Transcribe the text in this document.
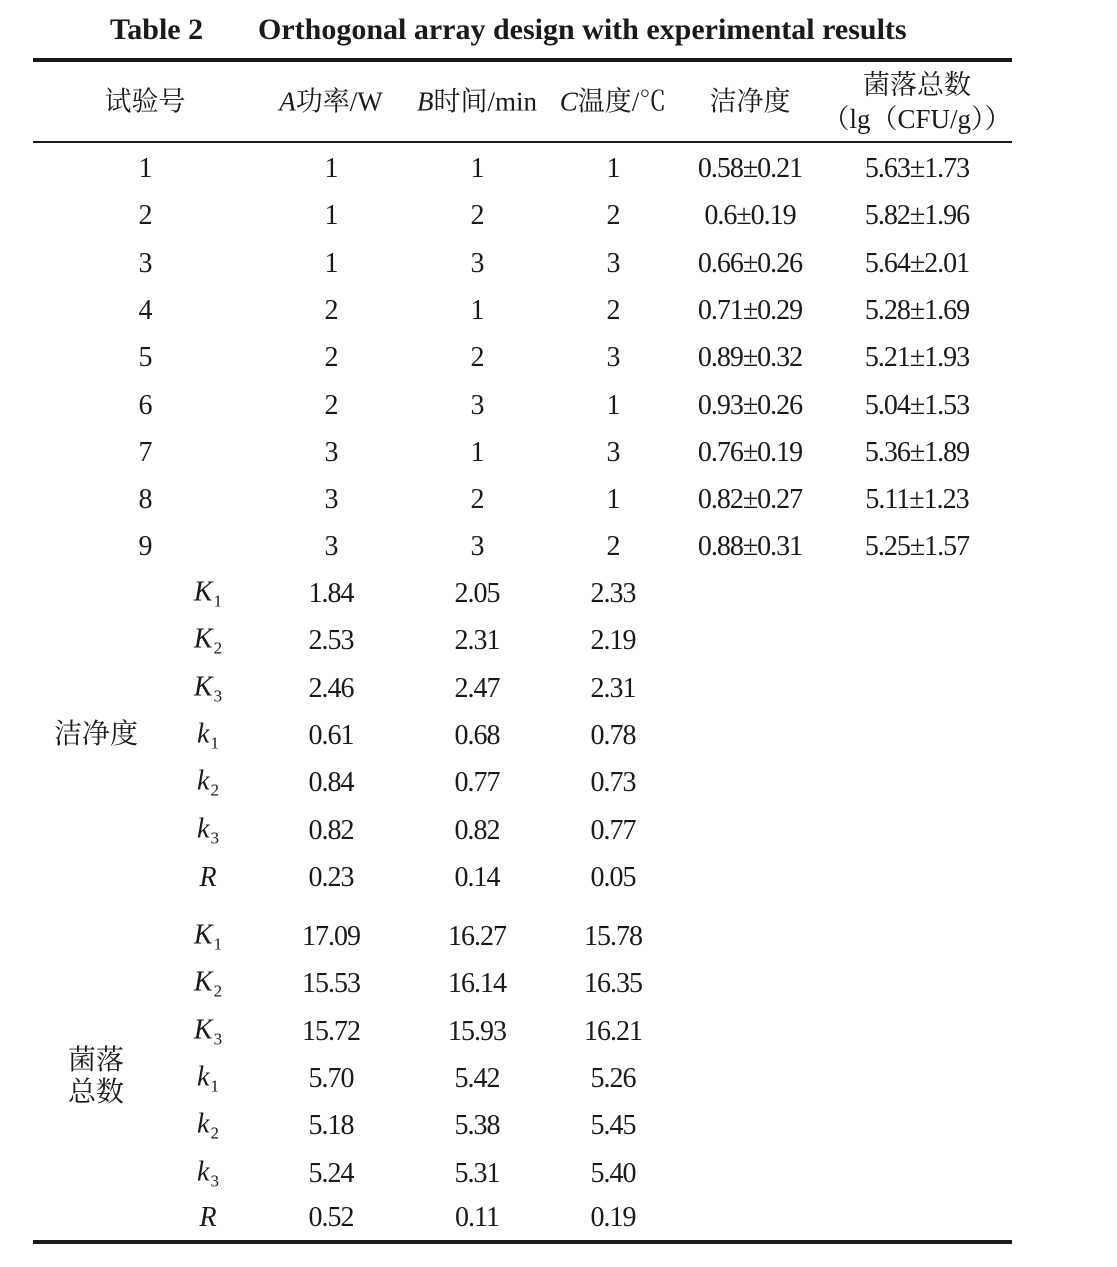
Table 2 Orthogonal array design with experimental results
试验号	A功率/W B时间/min C温度/℃ 洁净度
菌落总数
（lg（CFU/g））
1	1	1	1	0.58±0.21 5.63±1.73
2	1	2	2	0.6±0.19 5.82±1.96
3	1	3	3	0.66±0.26 5.64±2.01
4	2	1	2	0.71±0.29 5.28±1.69
5	2	2	3	0.89±0.32 5.21±1.93
6	2	3	1	0.93±0.26 5.04±1.53
7	3	1	3	0.76±0.19 5.36±1.89
8	3	2	1	0.82±0.27 5.11±1.23
9	3	3	2	0.88±0.31 5.25±1.57
洁净度
$K_1$	1.84	2.05	2.33
$K_2$	2.53	2.31	2.19
$K_3$	2.46	2.47	2.31
$k_1$	0.61	0.68	0.78
$k_2$	0.84	0.77	0.73
$k_3$	0.82	0.82	0.77
R	0.23	0.14	0.05
菌落
总数
$K_1$	17.09	16.27	15.78
$K_2$	15.53	16.14	16.35
$K_3$	15.72	15.93	16.21
$k_1$	5.70	5.42	5.26
$k_2$	5.18	5.38	5.45
$k_3$	5.24	5.31	5.40
R	0.52	0.11	0.19
